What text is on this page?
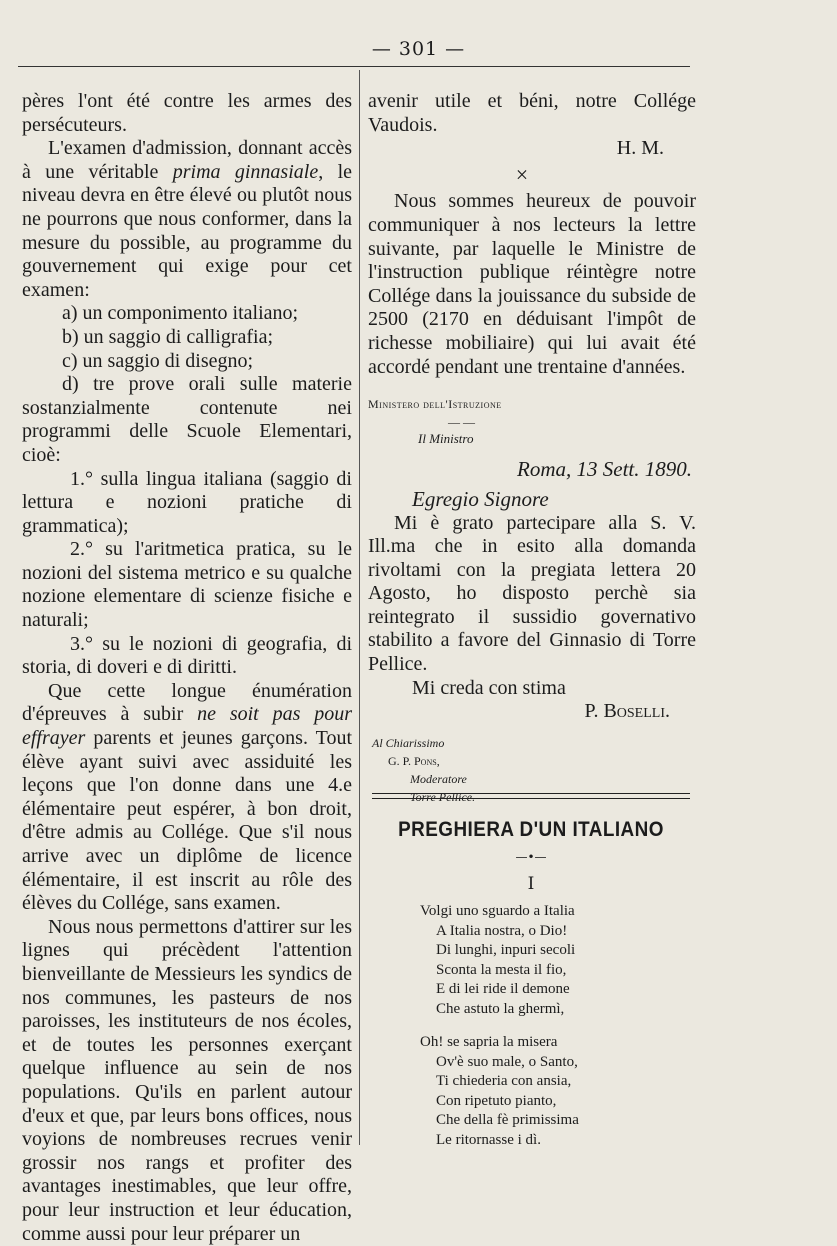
— 301 —

pères l'ont été contre les armes des persécuteurs.

L'examen d'admission, donnant accès à une véritable prima ginnasiale, le niveau devra en être élevé ou plutôt nous ne pourrons que nous conformer, dans la mesure du possible, au programme du gouvernement qui exige pour cet examen:

a) un componimento italiano;

b) un saggio di calligrafia;

c) un saggio di disegno;

d) tre prove orali sulle materie sostanzialmente contenute nei programmi delle Scuole Elementari, cioè:

1.° sulla lingua italiana (saggio di lettura e nozioni pratiche di grammatica);

2.° su l'aritmetica pratica, su le nozioni del sistema metrico e su qualche nozione elementare di scienze fisiche e naturali;

3.° su le nozioni di geografia, di storia, di doveri e di diritti.

Que cette longue énumération d'épreuves à subir ne soit pas pour effrayer parents et jeunes garçons. Tout élève ayant suivi avec assiduité les leçons que l'on donne dans une 4.e élémentaire peut espérer, à bon droit, d'être admis au Collége. Que s'il nous arrive avec un diplôme de licence élémentaire, il est inscrit au rôle des élèves du Collége, sans examen.

Nous nous permettons d'attirer sur les lignes qui précèdent l'attention bienveillante de Messieurs les syndics de nos communes, les pasteurs de nos paroisses, les instituteurs de nos écoles, et de toutes les personnes exerçant quelque influence au sein de nos populations. Qu'ils en parlent autour d'eux et que, par leurs bons offices, nous voyions de nombreuses recrues venir grossir nos rangs et profiter des avantages inestimables, que leur offre, pour leur instruction et leur éducation, comme aussi pour leur préparer un

avenir utile et béni, notre Collége Vaudois.

H. M.

×

Nous sommes heureux de pouvoir communiquer à nos lecteurs la lettre suivante, par laquelle le Ministre de l'instruction publique réintègre notre Collége dans la jouissance du subside de 2500 (2170 en déduisant l'impôt de richesse mobiliaire) qui lui avait été accordé pendant une trentaine d'années.

Ministero dell'Istruzione

— —

Il Ministro

Roma, 13 Sett. 1890.

Egregio Signore

Mi è grato partecipare alla S. V. Ill.ma che in esito alla domanda rivoltami con la pregiata lettera 20 Agosto, ho disposto perchè sia reintegrato il sussidio governativo stabilito a favore del Ginnasio di Torre Pellice.

Mi creda con stima

P. Boselli.

Al Chiarissimo

G. P. Pons,

Moderatore

Torre Pellice.

PREGHIERA D'UN ITALIANO
—•—
I

Volgi uno sguardo a Italia

A Italia nostra, o Dio!

Di lunghi, inpuri secoli

Sconta la mesta il fio,

E di lei ride il demone

Che astuto la ghermì,

Oh! se sapria la misera

Ov'è suo male, o Santo,

Ti chiederia con ansia,

Con ripetuto pianto,

Che della fè primissima

Le ritornasse i dì.
